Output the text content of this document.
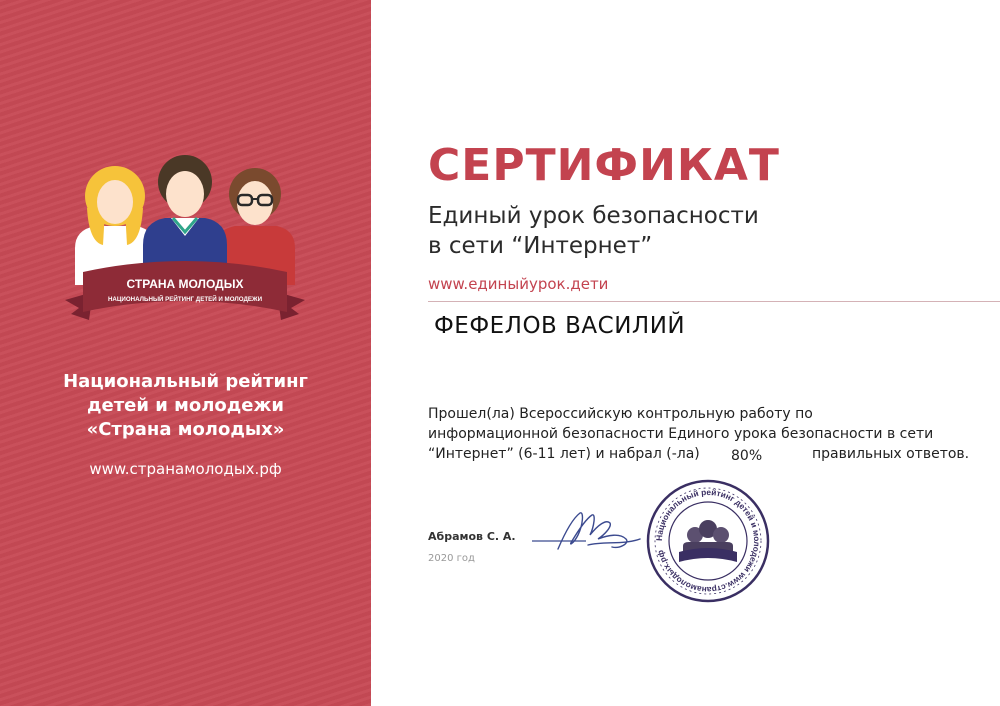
СТРАНА МОЛОДЫХ
НАЦИОНАЛЬНЫЙ РЕЙТИНГ ДЕТЕЙ И МОЛОДЕЖИ

Национальный рейтинг

детей и молодежи

«Страна молодых»

www.странамолодых.рф

СЕРТИФИКАТ

Единый урок безопасности

в сети “Интернет”

www.единыйурок.дети

ФЕФЕЛОВ ВАСИЛИЙ

Прошел(ла) Всероссийскую контрольную работу по

информационной безопасности Единого урока безопасности в сети

“Интернет” (6-11 лет) и набрал (-ла) 80%	правильных ответов.

Абрамов С. А.

2020 год

Национальный рейтинг детей и молодежи www.странамолодых.рф
